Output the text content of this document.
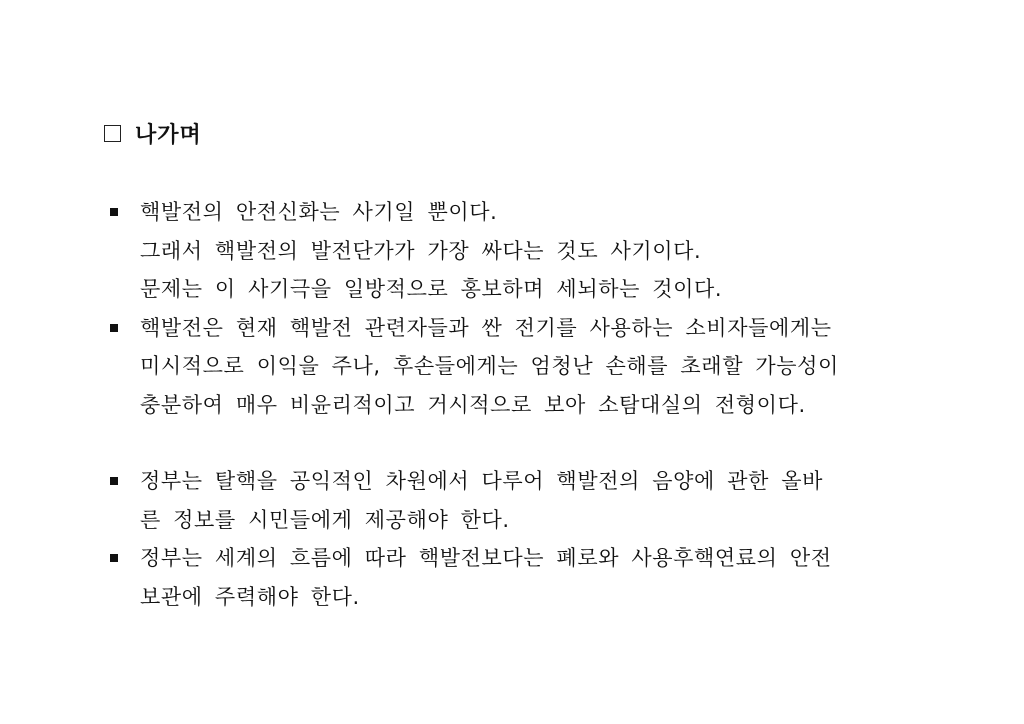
나가며
핵발전의 안전신화는 사기일 뿐이다.
그래서 핵발전의 발전단가가 가장 싸다는 것도 사기이다.
문제는 이 사기극을 일방적으로 홍보하며 세뇌하는 것이다.
핵발전은 현재 핵발전 관련자들과 싼 전기를 사용하는 소비자들에게는
미시적으로 이익을 주나, 후손들에게는 엄청난 손해를 초래할 가능성이
충분하여 매우 비윤리적이고 거시적으로 보아 소탐대실의 전형이다.
정부는 탈핵을 공익적인 차원에서 다루어 핵발전의 음양에 관한 올바
른 정보를 시민들에게 제공해야 한다.
정부는 세계의 흐름에 따라 핵발전보다는 폐로와 사용후핵연료의 안전
보관에 주력해야 한다.
